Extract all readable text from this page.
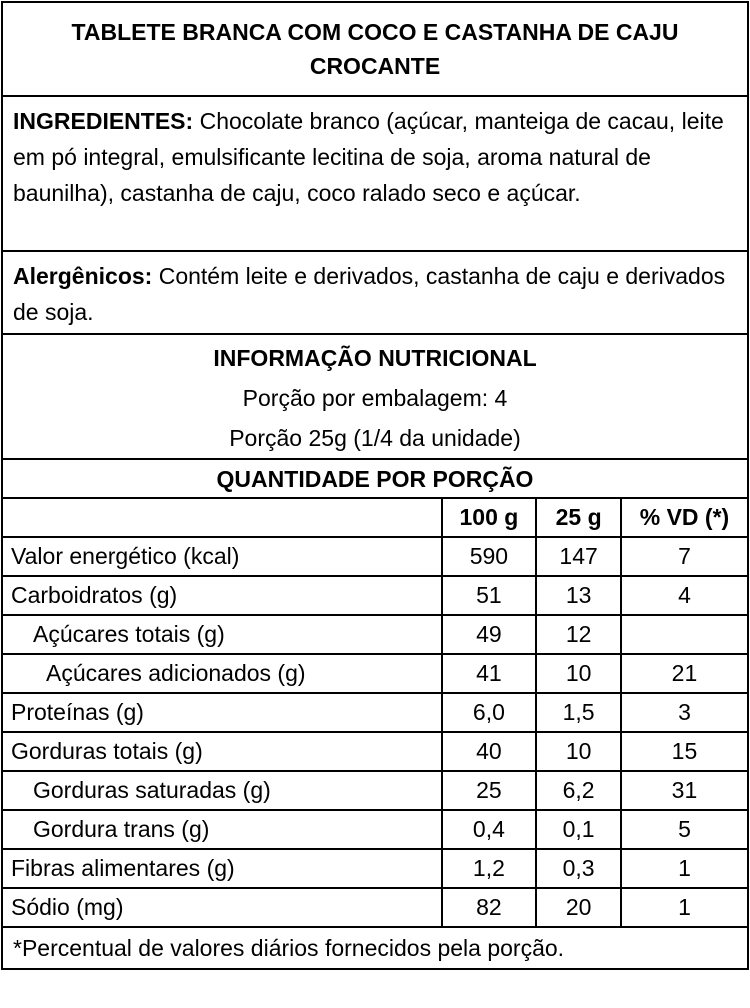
TABLETE BRANCA COM COCO E CASTANHA DE CAJU
CROCANTE
INGREDIENTES: Chocolate branco (açúcar, manteiga de cacau, leite em pó integral, emulsificante lecitina de soja, aroma natural de baunilha), castanha de caju, coco ralado seco e açúcar.
Alergênicos: Contém leite e derivados, castanha de caju e derivados de soja.
INFORMAÇÃO NUTRICIONAL
Porção por embalagem: 4
Porção 25g (1/4 da unidade)
QUANTIDADE POR PORÇÃO
	100 g	25 g	% VD (*)
Valor energético (kcal)	590	147	7
Carboidratos (g)	51	13	4
Açúcares totais (g)	49	12	
Açúcares adicionados (g)	41	10	21
Proteínas (g)	6,0	1,5	3
Gorduras totais (g)	40	10	15
Gorduras saturadas (g)	25	6,2	31
Gordura trans (g)	0,4	0,1	5
Fibras alimentares (g)	1,2	0,3	1
Sódio (mg)	82	20	1
*Percentual de valores diários fornecidos pela porção.
